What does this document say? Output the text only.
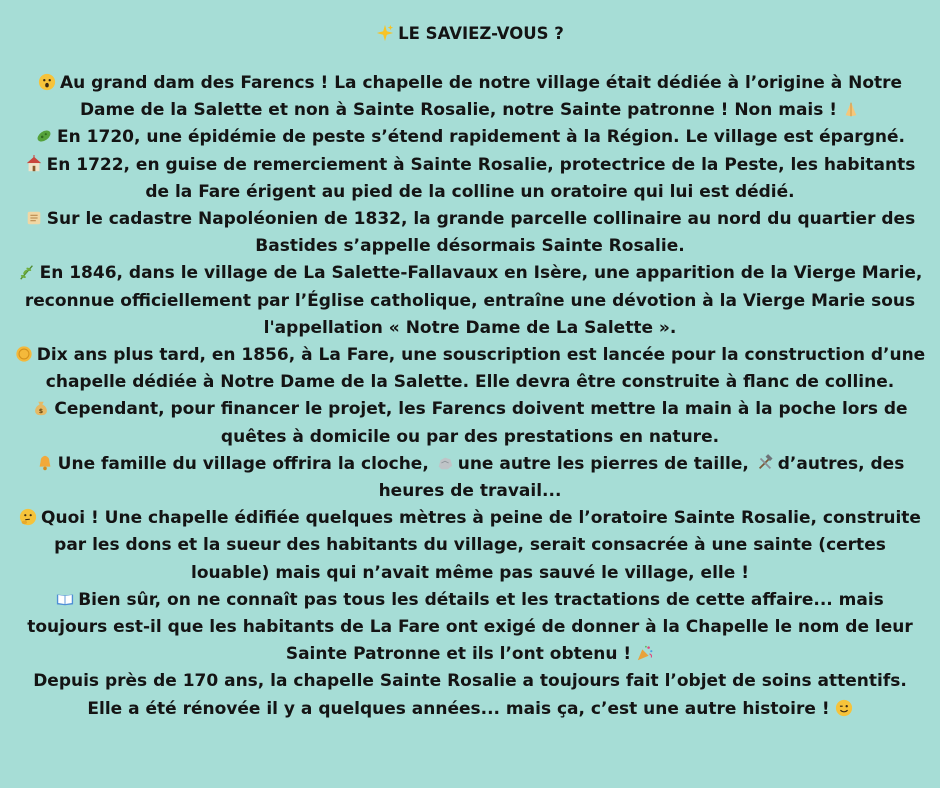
LE SAVIEZ-VOUS ?

Au grand dam des Farencs ! La chapelle de notre village était dédiée à l’origine à Notre Dame de la Salette et non à Sainte Rosalie, notre Sainte patronne ! Non mais !

En 1720, une épidémie de peste s’étend rapidement à la Région. Le village est épargné.

En 1722, en guise de remerciement à Sainte Rosalie, protectrice de la Peste, les habitants de la Fare érigent au pied de la colline un oratoire qui lui est dédié.

Sur le cadastre Napoléonien de 1832, la grande parcelle collinaire au nord du quartier des Bastides s’appelle désormais Sainte Rosalie.

En 1846, dans le village de La Salette-Fallavaux en Isère, une apparition de la Vierge Marie, reconnue officiellement par l’Église catholique, entraîne une dévotion à la Vierge Marie sous l'appellation « Notre Dame de La Salette ».

Dix ans plus tard, en 1856, à La Fare, une souscription est lancée pour la construction d’une chapelle dédiée à Notre Dame de la Salette. Elle devra être construite à flanc de colline.

$ Cependant, pour financer le projet, les Farencs doivent mettre la main à la poche lors de quêtes à domicile ou par des prestations en nature.

Une famille du village offrira la cloche, une autre les pierres de taille, d’autres, des heures de travail...

Quoi ! Une chapelle édifiée quelques mètres à peine de l’oratoire Sainte Rosalie, construite par les dons et la sueur des habitants du village, serait consacrée à une sainte (certes louable) mais qui n’avait même pas sauvé le village, elle !

Bien sûr, on ne connaît pas tous les détails et les tractations de cette affaire... mais toujours est-il que les habitants de La Fare ont exigé de donner à la Chapelle le nom de leur Sainte Patronne et ils l’ont obtenu !

Depuis près de 170 ans, la chapelle Sainte Rosalie a toujours fait l’objet de soins attentifs. Elle a été rénovée il y a quelques années... mais ça, c’est une autre histoire !
